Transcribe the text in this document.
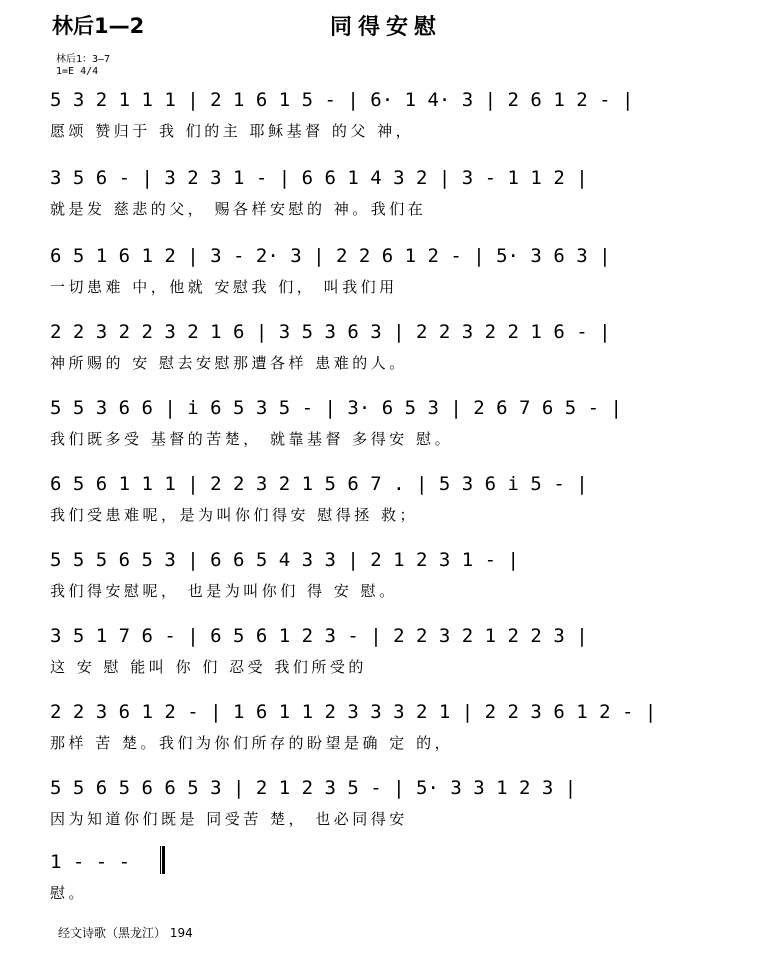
林后1—2	同得安慰
林后1：3—7
1=E 4/4
5 3 2 1 1 1 | 2 1 6 1 5 - | 6· 1 4· 3 | 2 6 1 2 - |
愿颂 赞归于 我 们的主 耶稣基督 的父 神，
3 5 6 - | 3 2 3 1 - | 6 6 1 4 3 2 | 3 - 1 1 2 |
就是发 慈悲的父， 赐各样安慰的 神。我们在
6 5 1 6 1 2 | 3 - 2· 3 | 2 2 6 1 2 - | 5· 3 6 3 |
一切患难 中，他就 安慰我 们， 叫我们用
2 2 3 2 2 3 2 1 6 | 3 5 3 6 3 | 2 2 3 2 2 1 6 - |
神所赐的 安 慰去安慰那遭各样 患难的人。
5 5 3 6 6 | i 6 5 3 5 - | 3· 6 5 3 | 2 6 7 6 5 - |
我们既多受 基督的苦楚， 就靠基督 多得安 慰。
6 5 6 1 1 1 | 2 2 3 2 1 5 6 7 . | 5 3 6 i 5 - |
我们受患难呢，是为叫你们得安 慰得拯 救；
5 5 5 6 5 3 | 6 6 5 4 3 3 | 2 1 2 3 1 - |
我们得安慰呢， 也是为叫你们 得 安 慰。
3 5 1 7 6 - | 6 5 6 1 2 3 - | 2 2 3 2 1 2 2 3 |
这 安 慰 能叫 你 们 忍受 我们所受的
2 2 3 6 1 2 - | 1 6 1 1 2 3 3 3 2 1 | 2 2 3 6 1 2 - |
那样 苦 楚。我们为你们所存的盼望是确 定 的，
5 5 6 5 6 6 5 3 | 2 1 2 3 5 - | 5· 3 3 1 2 3 |
因为知道你们既是 同受苦 楚， 也必同得安
1 - - -
慰。
经文诗歌（黑龙江） 194
